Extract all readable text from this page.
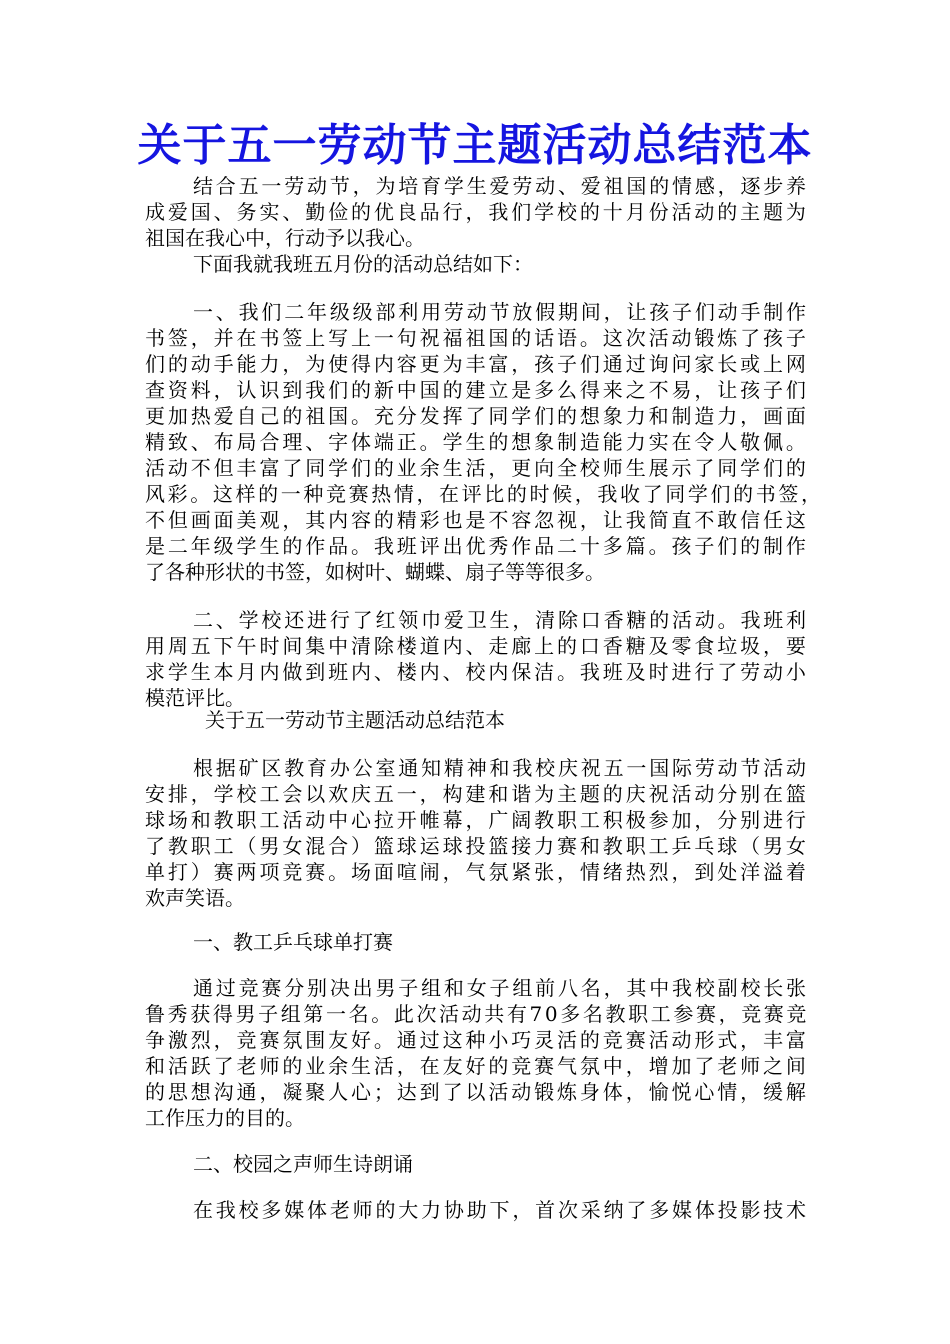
关于五一劳动节主题活动总结范本
结合五一劳动节，为培育学生爱劳动、爱祖国的情感，逐步养
成爱国、务实、勤俭的优良品行，我们学校的十月份活动的主题为
祖国在我心中，行动予以我心。
下面我就我班五月份的活动总结如下：
一、我们二年级级部利用劳动节放假期间，让孩子们动手制作
书签，并在书签上写上一句祝福祖国的话语。这次活动锻炼了孩子
们的动手能力，为使得内容更为丰富，孩子们通过询问家长或上网
查资料，认识到我们的新中国的建立是多么得来之不易，让孩子们
更加热爱自己的祖国。充分发挥了同学们的想象力和制造力，画面
精致、布局合理、字体端正。学生的想象制造能力实在令人敬佩。
活动不但丰富了同学们的业余生活，更向全校师生展示了同学们的
风彩。这样的一种竞赛热情，在评比的时候，我收了同学们的书签，
不但画面美观，其内容的精彩也是不容忽视，让我简直不敢信任这
是二年级学生的作品。我班评出优秀作品二十多篇。孩子们的制作
了各种形状的书签，如树叶、蝴蝶、扇子等等很多。
二、学校还进行了红领巾爱卫生，清除口香糖的活动。我班利
用周五下午时间集中清除楼道内、走廊上的口香糖及零食垃圾，要
求学生本月内做到班内、楼内、校内保洁。我班及时进行了劳动小
模范评比。
关于五一劳动节主题活动总结范本
根据矿区教育办公室通知精神和我校庆祝五一国际劳动节活动
安排，学校工会以欢庆五一，构建和谐为主题的庆祝活动分别在篮
球场和教职工活动中心拉开帷幕，广阔教职工积极参加，分别进行
了教职工（男女混合）篮球运球投篮接力赛和教职工乒乓球（男女
单打）赛两项竞赛。场面喧闹，气氛紧张，情绪热烈，到处洋溢着
欢声笑语。
一、教工乒乓球单打赛
通过竞赛分别决出男子组和女子组前八名，其中我校副校长张
鲁秀获得男子组第一名。此次活动共有70多名教职工参赛，竞赛竞
争激烈，竞赛氛围友好。通过这种小巧灵活的竞赛活动形式，丰富
和活跃了老师的业余生活，在友好的竞赛气氛中，增加了老师之间
的思想沟通，凝聚人心；达到了以活动锻炼身体，愉悦心情，缓解
工作压力的目的。
二、校园之声师生诗朗诵
在我校多媒体老师的大力协助下，首次采纳了多媒体投影技术
